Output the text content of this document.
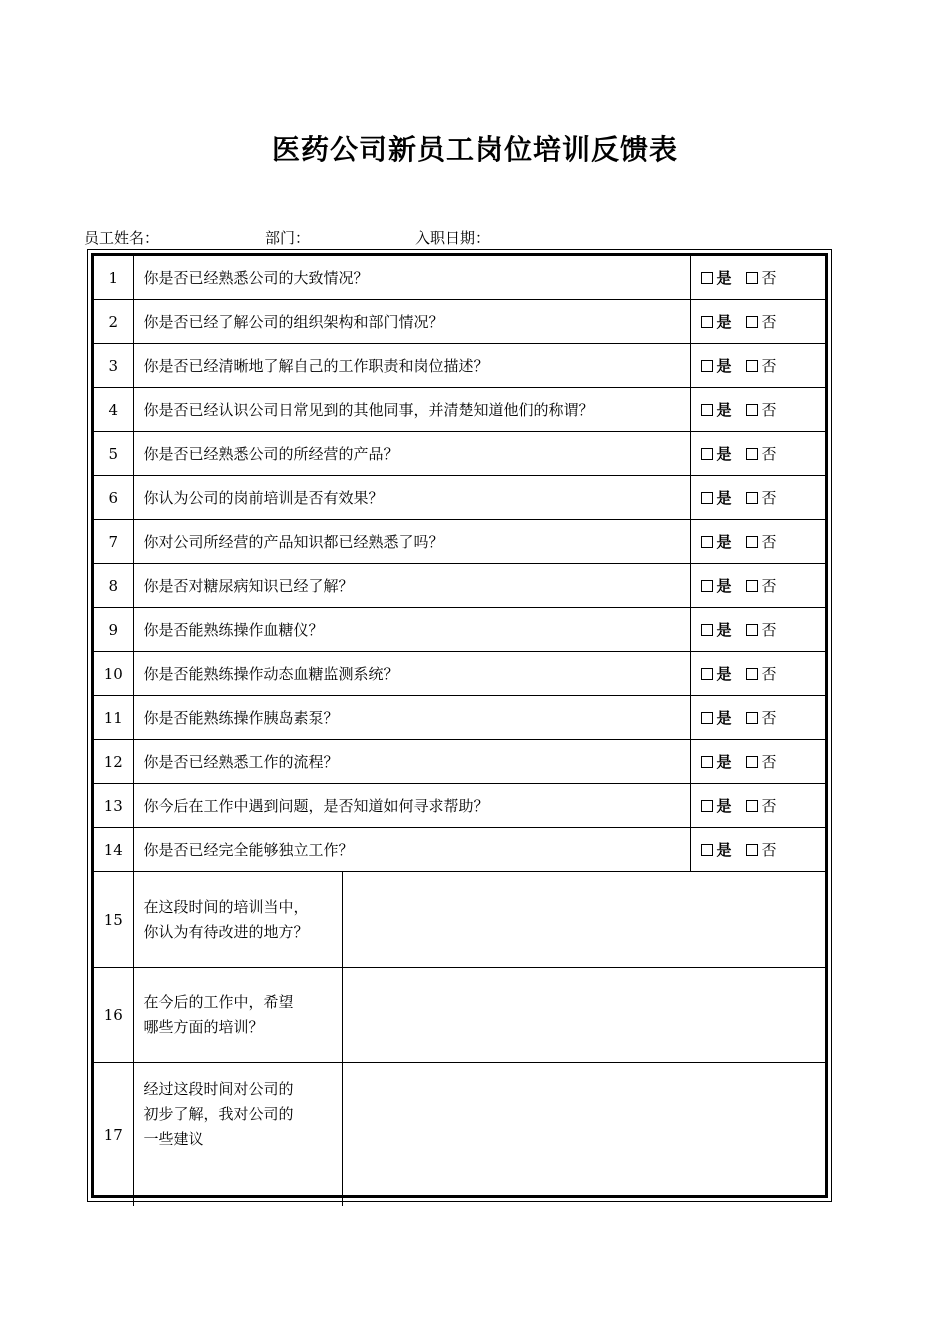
医药公司新员工岗位培训反馈表
员工姓名：	部门：	入职日期：
1	你是否已经熟悉公司的大致情况？		是 否
2	你是否已经了解公司的组织架构和部门情况？		是 否
3	你是否已经清晰地了解自己的工作职责和岗位描述？		是 否
4	你是否已经认识公司日常见到的其他同事，并清楚知道他们的称谓？		是 否
5	你是否已经熟悉公司的所经营的产品？		是 否
6	你认为公司的岗前培训是否有效果？		是 否
7	你对公司所经营的产品知识都已经熟悉了吗？		是 否
8	你是否对糖尿病知识已经了解？		是 否
9	你是否能熟练操作血糖仪？		是 否
10	你是否能熟练操作动态血糖监测系统？		是 否
11	你是否能熟练操作胰岛素泵？		是 否
12	你是否已经熟悉工作的流程？		是 否
13	你今后在工作中遇到问题，是否知道如何寻求帮助？		是 否
14	你是否已经完全能够独立工作？		是 否
15	在这段时间的培训当中，
你认为有待改进的地方？		

16	在今后的工作中，希望
哪些方面的培训？		

17	经过这段时间对公司的
初步了解，我对公司的
一些建议		
